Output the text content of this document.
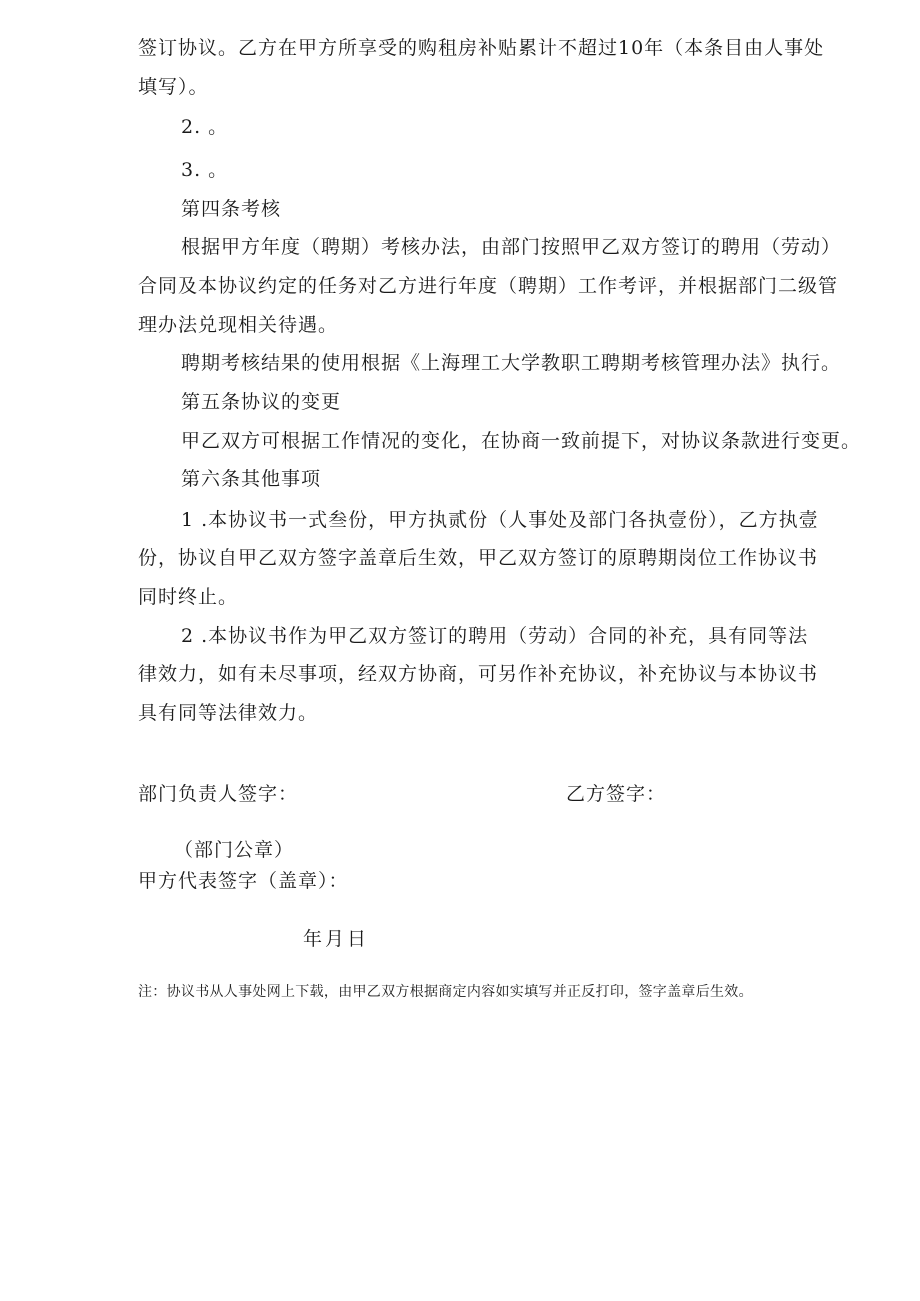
签订协议。乙方在甲方所享受的购租房补贴累计不超过10年（本条目由人事处
填写）。
2. 。
3. 。
第四条考核
根据甲方年度（聘期）考核办法，由部门按照甲乙双方签订的聘用（劳动）
合同及本协议约定的任务对乙方进行年度（聘期）工作考评，并根据部门二级管
理办法兑现相关待遇。
聘期考核结果的使用根据《上海理工大学教职工聘期考核管理办法》执行。
第五条协议的变更
甲乙双方可根据工作情况的变化，在协商一致前提下，对协议条款进行变更。
第六条其他事项
1 .本协议书一式叁份，甲方执贰份（人事处及部门各执壹份），乙方执壹
份，协议自甲乙双方签字盖章后生效，甲乙双方签订的原聘期岗位工作协议书
同时终止。
2 .本协议书作为甲乙双方签订的聘用（劳动）合同的补充，具有同等法
律效力，如有未尽事项，经双方协商，可另作补充协议，补充协议与本协议书
具有同等法律效力。
部门负责人签字：	乙方签字：
（部门公章）
甲方代表签字（盖章）：
年月日
注：协议书从人事处网上下载，由甲乙双方根据商定内容如实填写并正反打印，签字盖章后生效。
